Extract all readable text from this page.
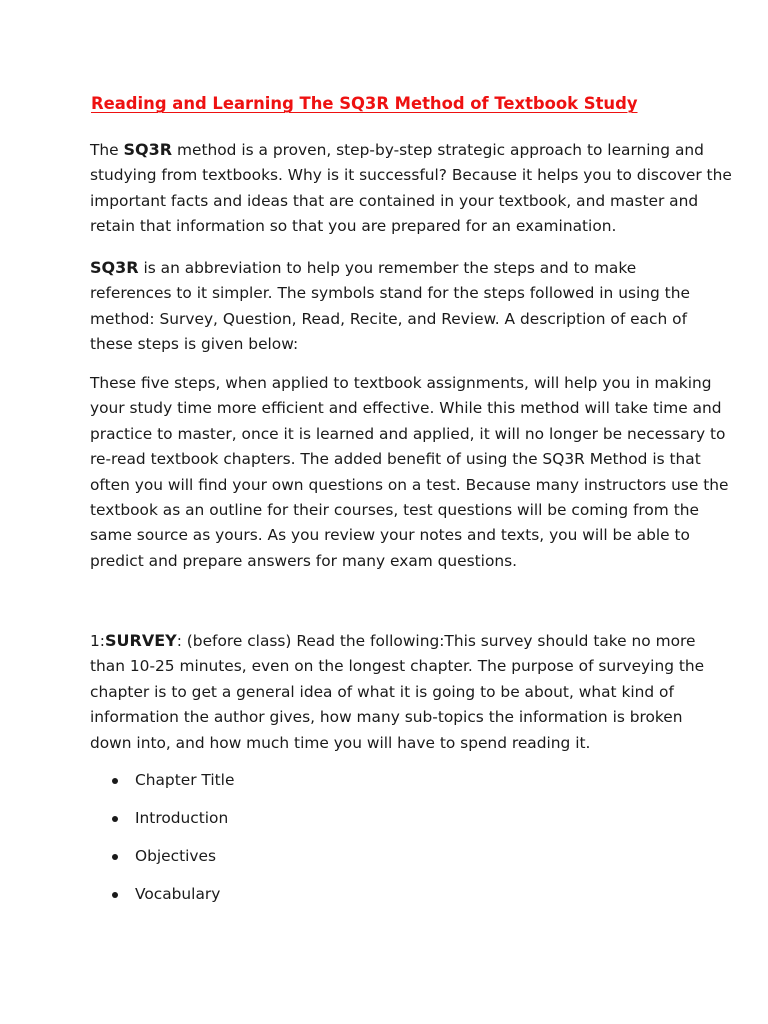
Reading and Learning The SQ3R Method of Textbook Study

The SQ3R method is a proven, step-by-step strategic approach to learning and
studying from textbooks. Why is it successful? Because it helps you to discover the
important facts and ideas that are contained in your textbook, and master and
retain that information so that you are prepared for an examination.

SQ3R is an abbreviation to help you remember the steps and to make
references to it simpler. The symbols stand for the steps followed in using the
method: Survey, Question, Read, Recite, and Review. A description of each of
these steps is given below:

These five steps, when applied to textbook assignments, will help you in making
your study time more efficient and effective. While this method will take time and
practice to master, once it is learned and applied, it will no longer be necessary to
re-read textbook chapters. The added benefit of using the SQ3R Method is that
often you will find your own questions on a test. Because many instructors use the
textbook as an outline for their courses, test questions will be coming from the
same source as yours. As you review your notes and texts, you will be able to
predict and prepare answers for many exam questions.

1:SURVEY: (before class) Read the following:This survey should take no more
than 10-25 minutes, even on the longest chapter. The purpose of surveying the
chapter is to get a general idea of what it is going to be about, what kind of
information the author gives, how many sub-topics the information is broken
down into, and how much time you will have to spend reading it.

Chapter Title
Introduction
Objectives
Vocabulary
